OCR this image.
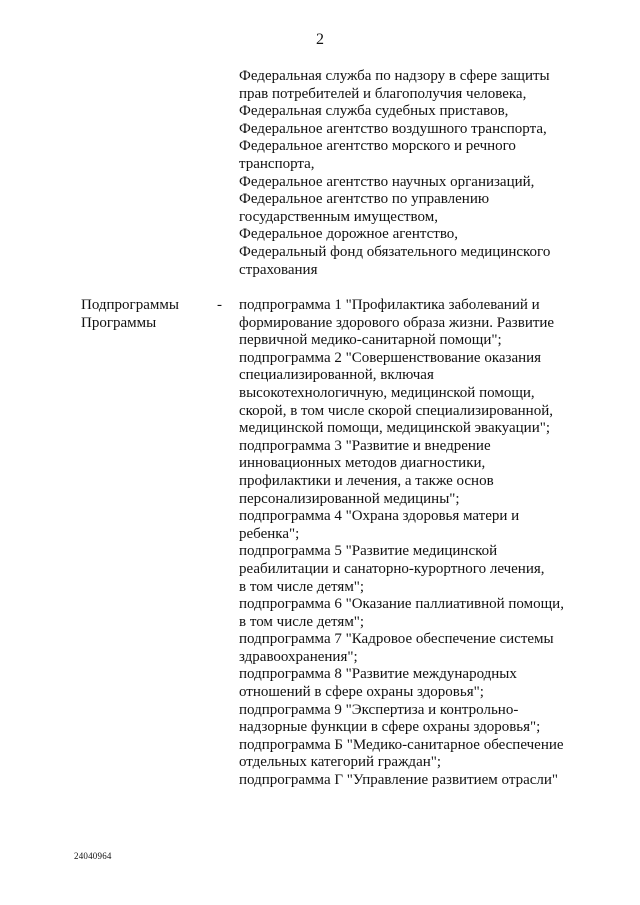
2
Федеральная служба по надзору в сфере защиты
прав потребителей и благополучия человека,
Федеральная служба судебных приставов,
Федеральное агентство воздушного транспорта,
Федеральное агентство морского и речного
транспорта,
Федеральное агентство научных организаций,
Федеральное агентство по управлению
государственным имуществом,
Федеральное дорожное агентство,
Федеральный фонд обязательного медицинского
страхования
Подпрограммы
Программы
- подпрограмма 1 "Профилактика заболеваний и
формирование здорового образа жизни. Развитие
первичной медико-санитарной помощи";
подпрограмма 2 "Совершенствование оказания
специализированной, включая
высокотехнологичную, медицинской помощи,
скорой, в том числе скорой специализированной,
медицинской помощи, медицинской эвакуации";
подпрограмма 3 "Развитие и внедрение
инновационных методов диагностики,
профилактики и лечения, а также основ
персонализированной медицины";
подпрограмма 4 "Охрана здоровья матери и
ребенка";
подпрограмма 5 "Развитие медицинской
реабилитации и санаторно-курортного лечения,
в том числе детям";
подпрограмма 6 "Оказание паллиативной помощи,
в том числе детям";
подпрограмма 7 "Кадровое обеспечение системы
здравоохранения";
подпрограмма 8 "Развитие международных
отношений в сфере охраны здоровья";
подпрограмма 9 "Экспертиза и контрольно-
надзорные функции в сфере охраны здоровья";
подпрограмма Б "Медико-санитарное обеспечение
отдельных категорий граждан";
подпрограмма Г "Управление развитием отрасли"
24040964
